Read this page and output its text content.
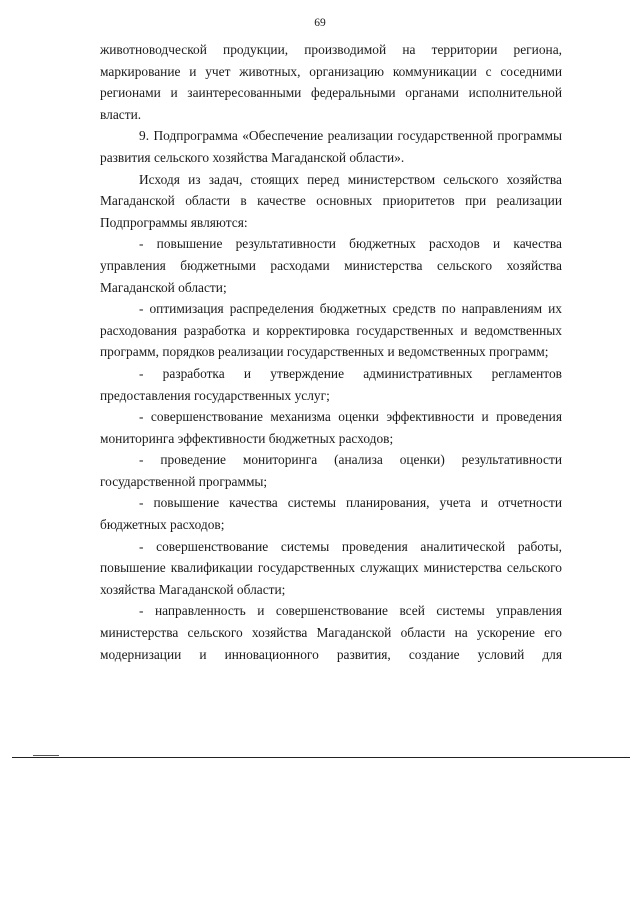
69

животноводческой продукции, производимой на территории региона, маркирование и учет животных, организацию коммуникации с соседними регионами и заинтересованными федеральными органами исполнительной власти.

9. Подпрограмма «Обеспечение реализации государственной программы развития сельского хозяйства Магаданской области».

Исходя из задач, стоящих перед министерством сельского хозяйства Магаданской области в качестве основных приоритетов при реализации Подпрограммы являются:

- повышение результативности бюджетных расходов и качества управления бюджетными расходами министерства сельского хозяйства Магаданской области;

- оптимизация распределения бюджетных средств по направлениям их расходования разработка и корректировка государственных и ведомственных программ, порядков реализации государственных и ведомственных программ;

- разработка и утверждение административных регламентов предоставления государственных услуг;

- совершенствование механизма оценки эффективности и проведения мониторинга эффективности бюджетных расходов;

- проведение мониторинга (анализа оценки) результативности государственной программы;

- повышение качества системы планирования, учета и отчетности бюджетных расходов;

- совершенствование системы проведения аналитической работы, повышение квалификации государственных служащих министерства сельского хозяйства Магаданской области;

- направленность и совершенствование всей системы управления министерства сельского хозяйства Магаданской области на ускорение его модернизации и инновационного развития, создание условий для
